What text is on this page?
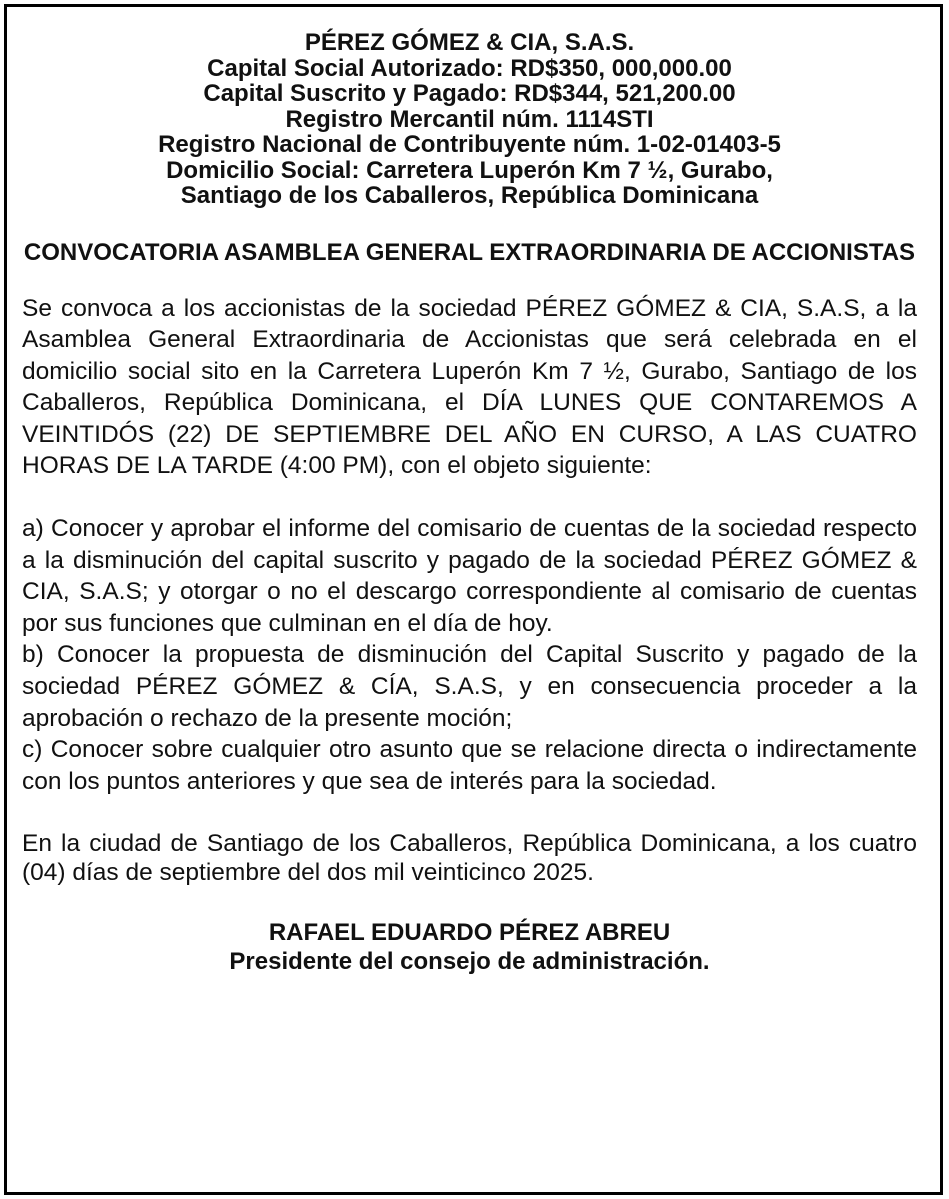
PÉREZ GÓMEZ & CIA, S.A.S.
Capital Social Autorizado: RD$350, 000,000.00
Capital Suscrito y Pagado: RD$344, 521,200.00
Registro Mercantil núm. 1114STI
Registro Nacional de Contribuyente núm. 1-02-01403-5
Domicilio Social: Carretera Luperón Km 7 ½, Gurabo,
Santiago de los Caballeros, República Dominicana
CONVOCATORIA ASAMBLEA GENERAL EXTRAORDINARIA DE ACCIONISTAS

Se convoca a los accionistas de la sociedad PÉREZ GÓMEZ & CIA, S.A.S, a la Asamblea General Extraordinaria de Accionistas que será celebrada en el domicilio social sito en la Carretera Luperón Km 7 ½, Gurabo, Santiago de los Caballeros, República Dominicana, el DÍA LUNES QUE CONTAREMOS A VEINTIDÓS (22) DE SEPTIEMBRE DEL AÑO EN CURSO, A LAS CUATRO HORAS DE LA TARDE (4:00 PM), con el objeto siguiente:

a) Conocer y aprobar el informe del comisario de cuentas de la sociedad respecto a la disminución del capital suscrito y pagado de la sociedad PÉREZ GÓMEZ & CIA, S.A.S; y otorgar o no el descargo correspondiente al comisario de cuentas por sus funciones que culminan en el día de hoy.

b) Conocer la propuesta de disminución del Capital Suscrito y pagado de la sociedad PÉREZ GÓMEZ & CÍA, S.A.S, y en consecuencia proceder a la aprobación o rechazo de la presente moción;

c) Conocer sobre cualquier otro asunto que se relacione directa o indirectamente con los puntos anteriores y que sea de interés para la sociedad.

En la ciudad de Santiago de los Caballeros, República Dominicana, a los cuatro (04) días de septiembre del dos mil veinticinco 2025.

RAFAEL EDUARDO PÉREZ ABREU
Presidente del consejo de administración.
